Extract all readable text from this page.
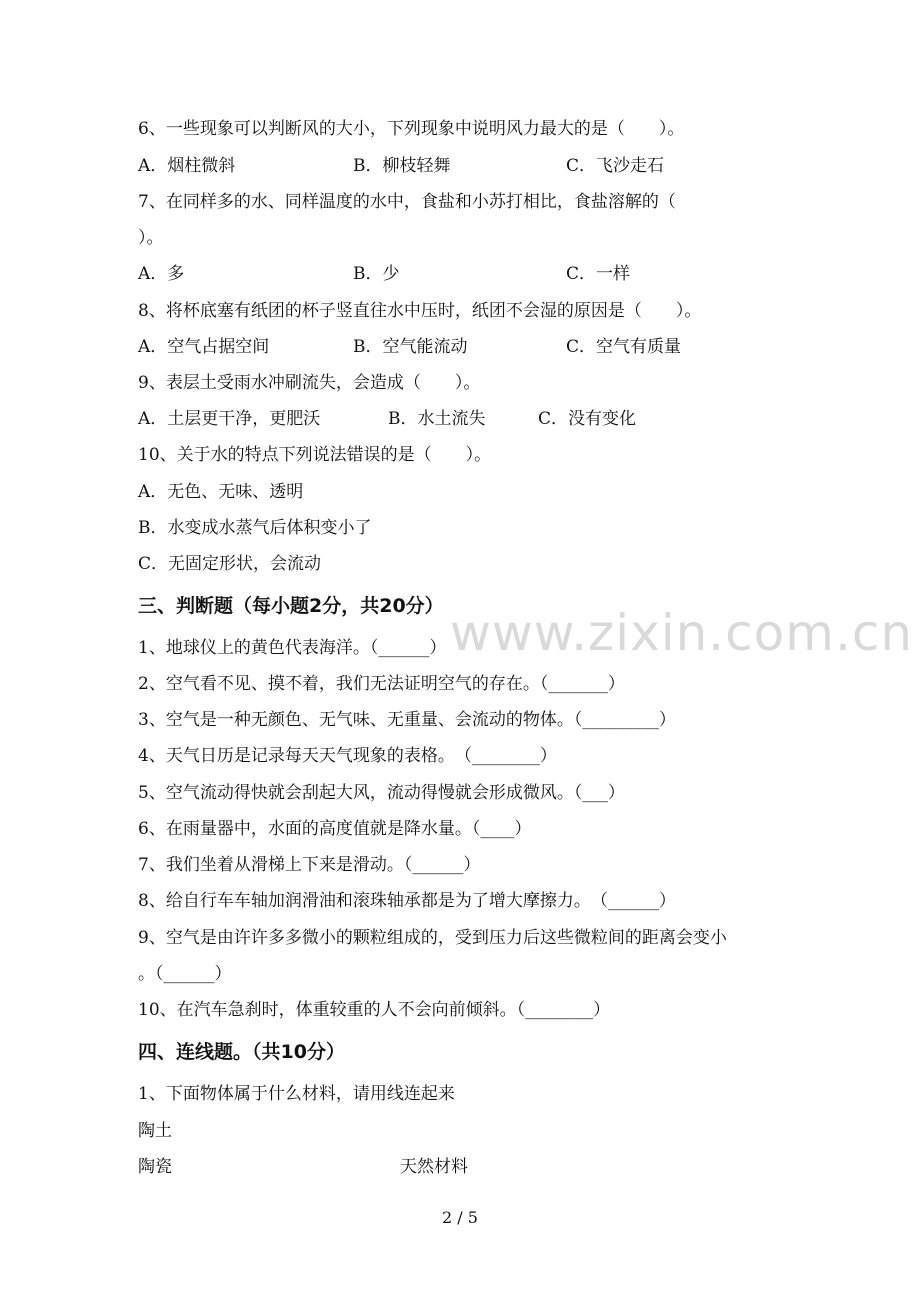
www.zixin.com.cn
6、一些现象可以判断风的大小，下列现象中说明风力最大的是（　　）。
A．烟柱微斜	B．柳枝轻舞	C．飞沙走石
7、在同样多的水、同样温度的水中，食盐和小苏打相比，食盐溶解的（
）。
A．多	B．少	C．一样
8、将杯底塞有纸团的杯子竖直往水中压时，纸团不会湿的原因是（　　）。
A．空气占据空间	B．空气能流动	C．空气有质量
9、表层土受雨水冲刷流失，会造成（　　）。
A．土层更干净，更肥沃	B．水土流失	C．没有变化
10、关于水的特点下列说法错误的是（　　）。
A．无色、无味、透明
B．水变成水蒸气后体积变小了
C．无固定形状，会流动
三、判断题（每小题2分，共20分）
1、地球仪上的黄色代表海洋。（______）
2、空气看不见、摸不着，我们无法证明空气的存在。（_______）
3、空气是一种无颜色、无气味、无重量、会流动的物体。（_________）
4、天气日历是记录每天天气现象的表格。　（________）
5、空气流动得快就会刮起大风，流动得慢就会形成微风。（___）
6、在雨量器中，水面的高度值就是降水量。（____）
7、我们坐着从滑梯上下来是滑动。（______）
8、给自行车车轴加润滑油和滚珠轴承都是为了增大摩擦力。　（______）
9、空气是由许许多多微小的颗粒组成的，受到压力后这些微粒间的距离会变小
。（______）
10、在汽车急刹时，体重较重的人不会向前倾斜。（________）
四、连线题。（共10分）
1、下面物体属于什么材料，请用线连起来
陶土
陶瓷	天然材料
2 / 5
